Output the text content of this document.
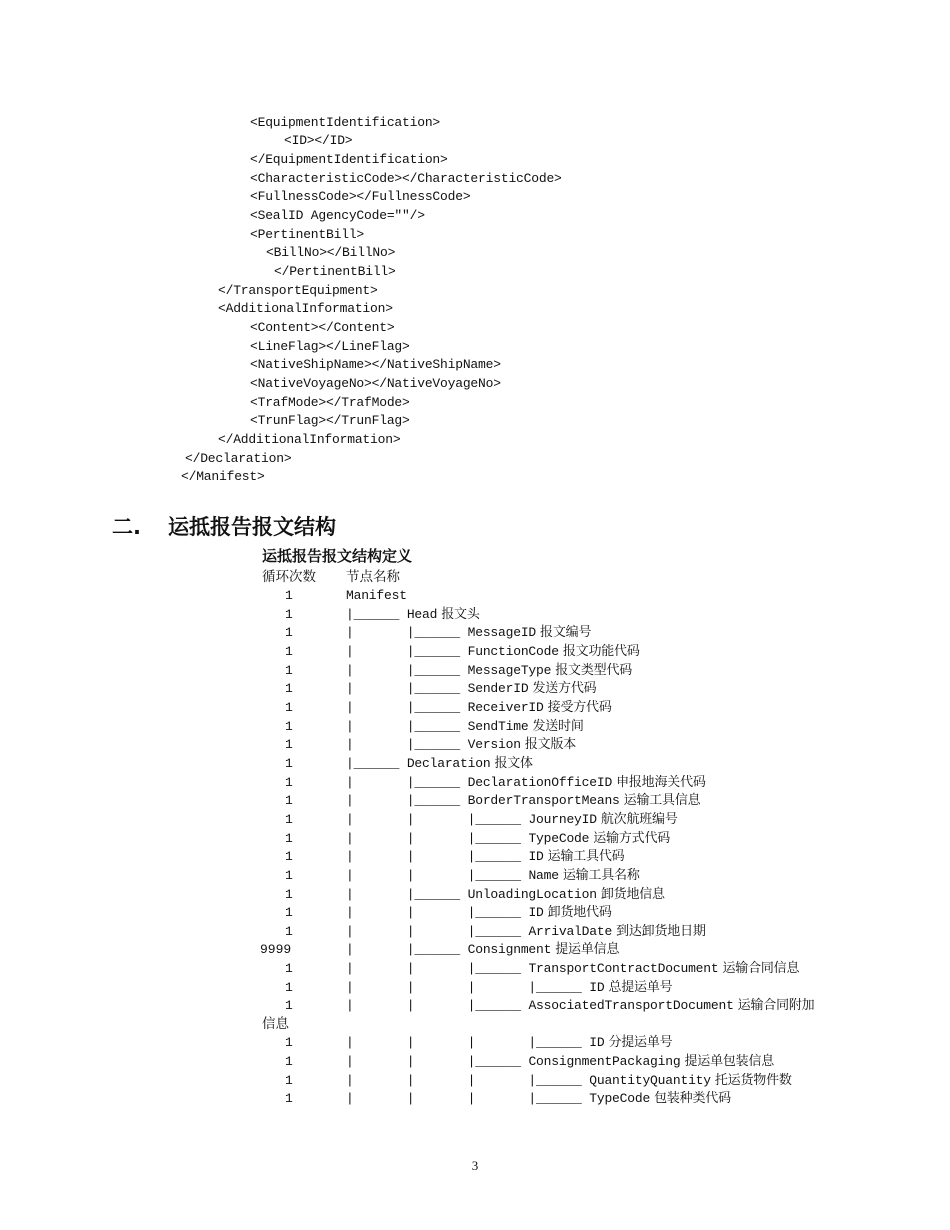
<EquipmentIdentification>
<ID></ID>
</EquipmentIdentification>
<CharacteristicCode></CharacteristicCode>
<FullnessCode></FullnessCode>
<SealID AgencyCode=""/>
<PertinentBill>
<BillNo></BillNo>
</PertinentBill>
</TransportEquipment>
<AdditionalInformation>
<Content></Content>
<LineFlag></LineFlag>
<NativeShipName></NativeShipName>
<NativeVoyageNo></NativeVoyageNo>
<TrafMode></TrafMode>
<TrunFlag></TrunFlag>
</AdditionalInformation>
</Declaration>
</Manifest>
二. 运抵报告报文结构
运抵报告报文结构定义
循环次数 节点名称
1	Manifest
1	|______ Head 报文头
1	|       |______ MessageID 报文编号
1	|       |______ FunctionCode 报文功能代码
1	|       |______ MessageType 报文类型代码
1	|       |______ SenderID 发送方代码
1	|       |______ ReceiverID 接受方代码
1	|       |______ SendTime 发送时间
1	|       |______ Version 报文版本
1	|______ Declaration 报文体
1	|       |______ DeclarationOfficeID 申报地海关代码
1	|       |______ BorderTransportMeans 运输工具信息
1	|       |       |______ JourneyID 航次航班编号
1	|       |       |______ TypeCode 运输方式代码
1	|       |       |______ ID 运输工具代码
1	|       |       |______ Name 运输工具名称
1	|       |______ UnloadingLocation 卸货地信息
1	|       |       |______ ID 卸货地代码
1	|       |       |______ ArrivalDate 到达卸货地日期
9999	|       |______ Consignment 提运单信息
1	|       |       |______ TransportContractDocument 运输合同信息
1	|       |       |       |______ ID 总提运单号
1	|       |       |______ AssociatedTransportDocument 运输合同附加
1	|       |       |       |______ ID 分提运单号
1	|       |       |______ ConsignmentPackaging 提运单包装信息
1	|       |       |       |______ QuantityQuantity 托运货物件数
1	|       |       |       |______ TypeCode 包装种类代码
信息
3
